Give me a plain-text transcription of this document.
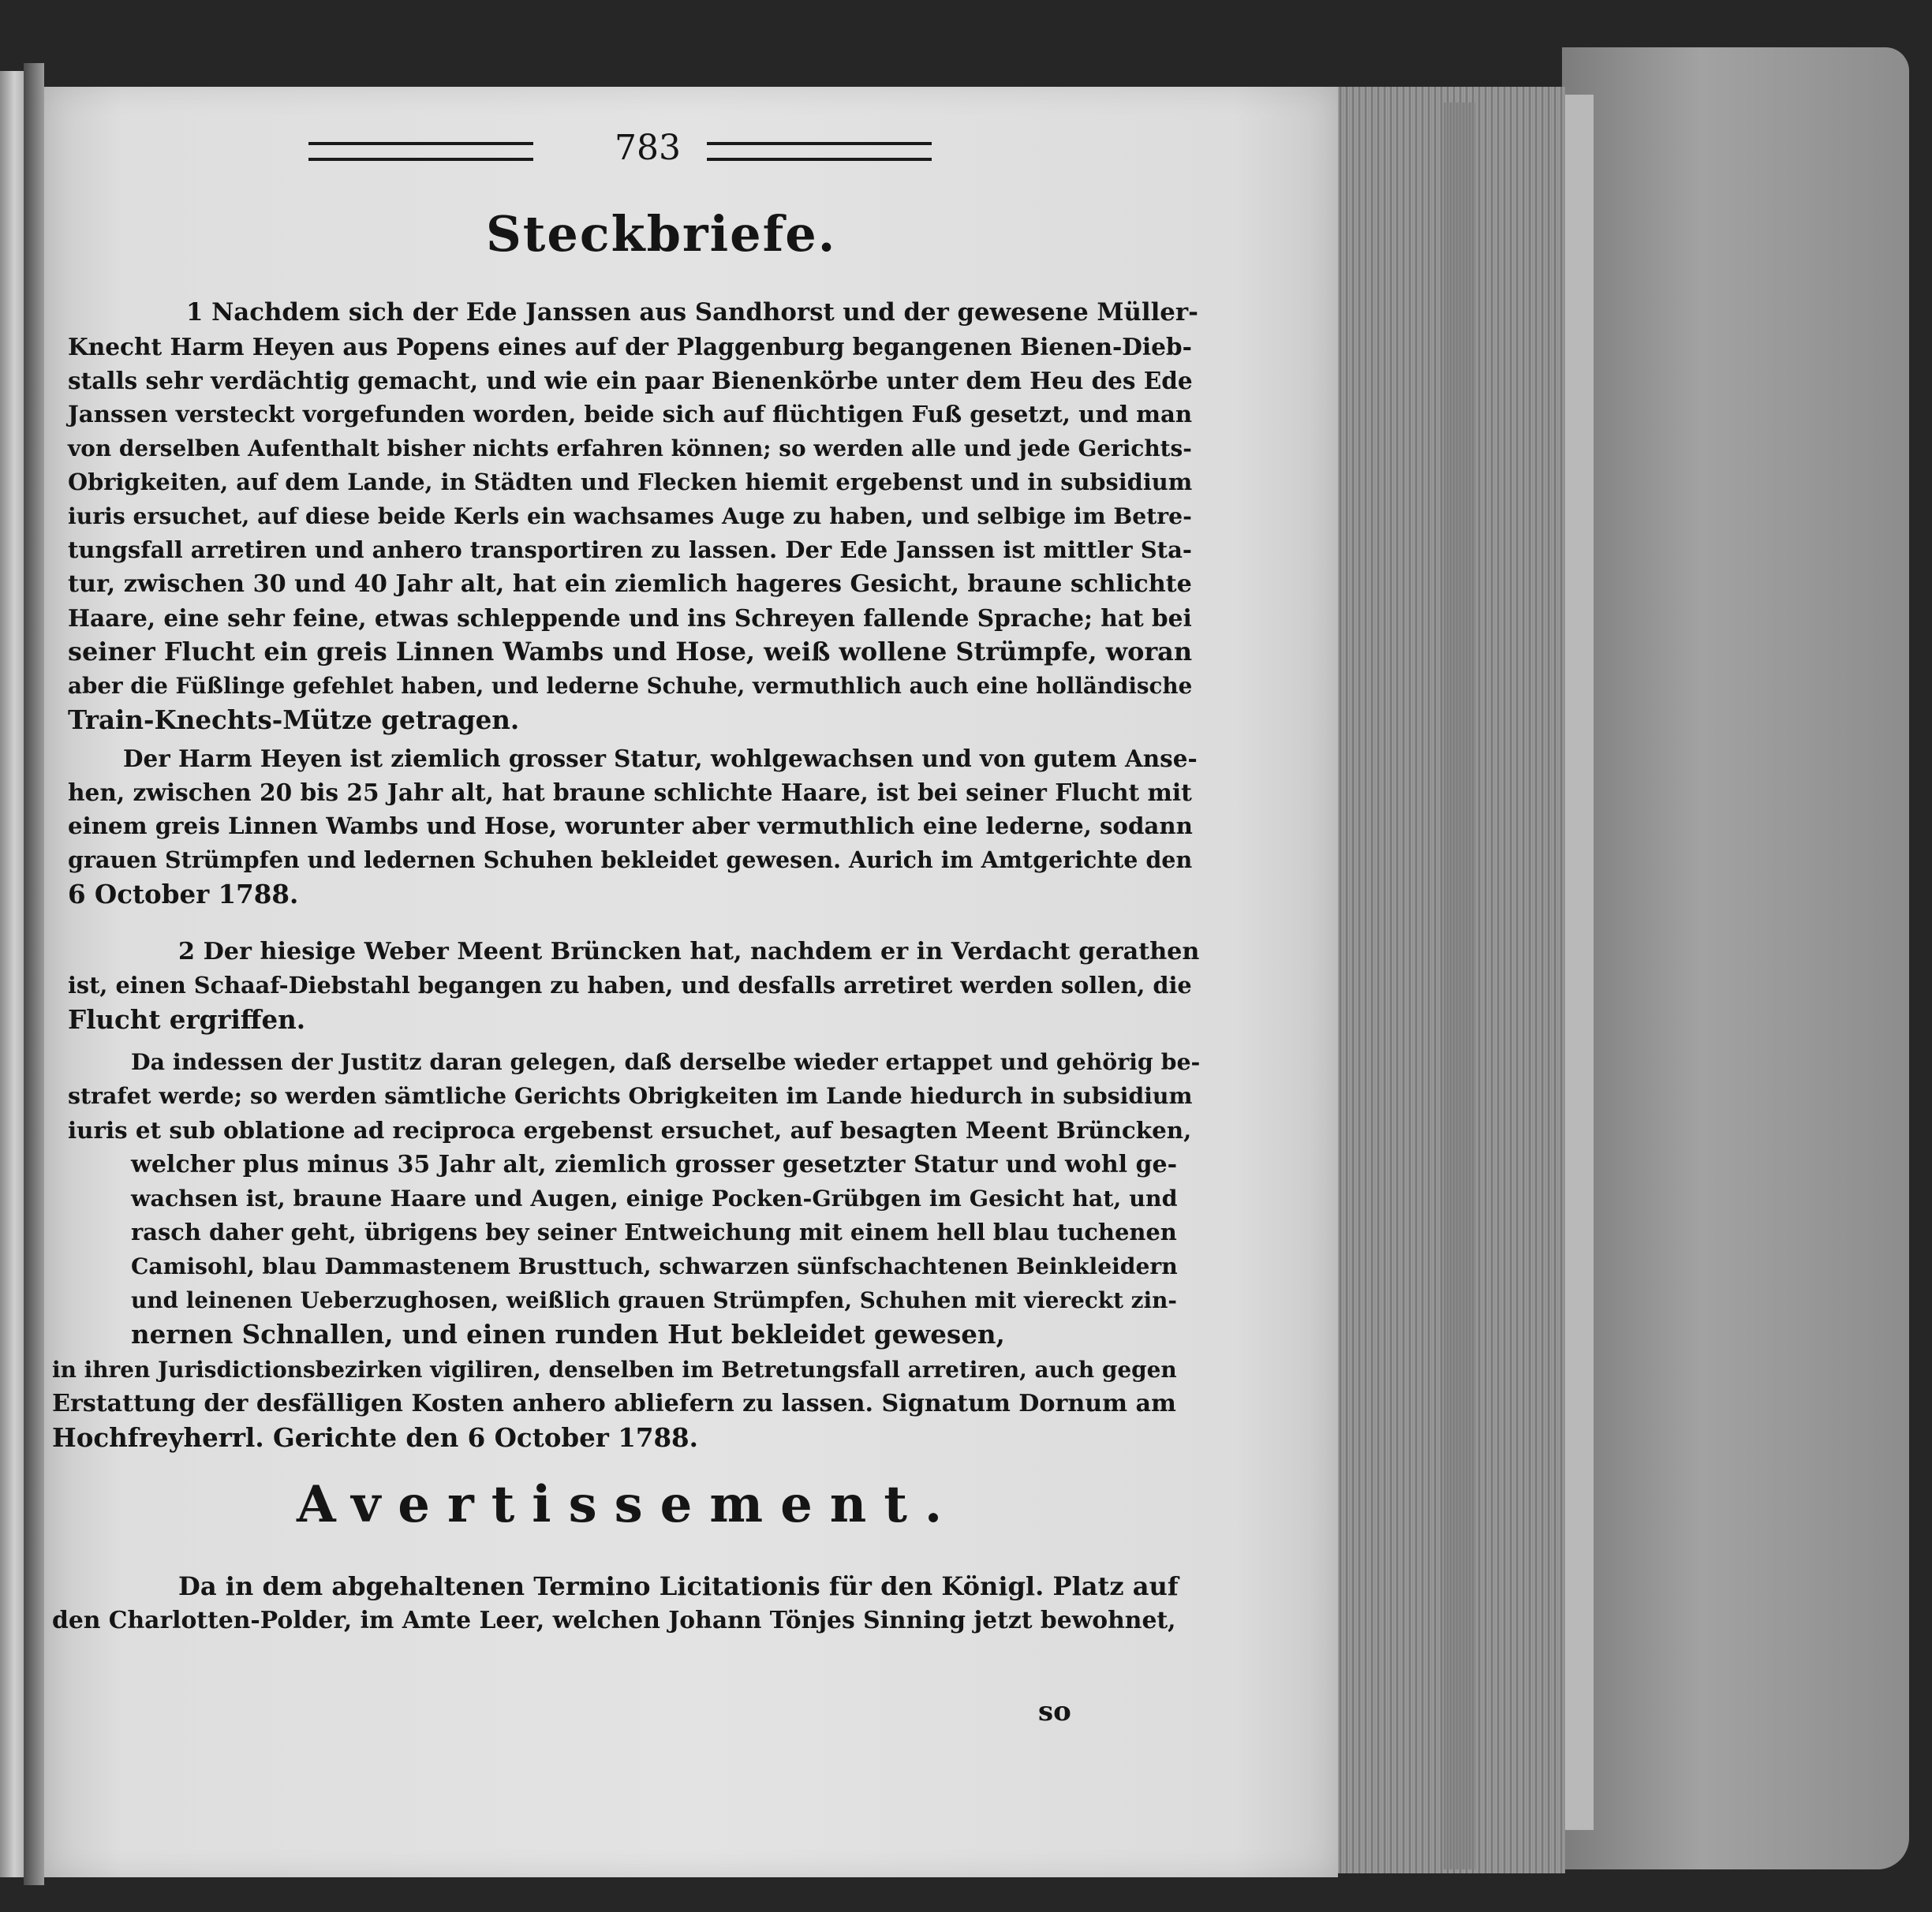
783
Steckbriefe.
1 Nachdem sich der Ede Janssen aus Sandhorst und der gewesene Müller-
Knecht Harm Heyen aus Popens eines auf der Plaggenburg begangenen Bienen-Dieb-
stalls sehr verdächtig gemacht, und wie ein paar Bienenkörbe unter dem Heu des Ede
Janssen versteckt vorgefunden worden, beide sich auf flüchtigen Fuß gesetzt, und man
von derselben Aufenthalt bisher nichts erfahren können; so werden alle und jede Gerichts-
Obrigkeiten, auf dem Lande, in Städten und Flecken hiemit ergebenst und in subsidium
iuris ersuchet, auf diese beide Kerls ein wachsames Auge zu haben, und selbige im Betre-
tungsfall arretiren und anhero transportiren zu lassen. Der Ede Janssen ist mittler Sta-
tur, zwischen 30 und 40 Jahr alt, hat ein ziemlich hageres Gesicht, braune schlichte
Haare, eine sehr feine, etwas schleppende und ins Schreyen fallende Sprache; hat bei
seiner Flucht ein greis Linnen Wambs und Hose, weiß wollene Strümpfe, woran
aber die Füßlinge gefehlet haben, und lederne Schuhe, vermuthlich auch eine holländische
Train-Knechts-Mütze getragen.
Der Harm Heyen ist ziemlich grosser Statur, wohlgewachsen und von gutem Anse-
hen, zwischen 20 bis 25 Jahr alt, hat braune schlichte Haare, ist bei seiner Flucht mit
einem greis Linnen Wambs und Hose, worunter aber vermuthlich eine lederne, sodann
grauen Strümpfen und ledernen Schuhen bekleidet gewesen. Aurich im Amtgerichte den
6 October 1788.
2 Der hiesige Weber Meent Brüncken hat, nachdem er in Verdacht gerathen
ist, einen Schaaf-Diebstahl begangen zu haben, und desfalls arretiret werden sollen, die
Flucht ergriffen.
Da indessen der Justitz daran gelegen, daß derselbe wieder ertappet und gehörig be-
strafet werde; so werden sämtliche Gerichts Obrigkeiten im Lande hiedurch in subsidium
iuris et sub oblatione ad reciproca ergebenst ersuchet, auf besagten Meent Brüncken,
welcher plus minus 35 Jahr alt, ziemlich grosser gesetzter Statur und wohl ge-
wachsen ist, braune Haare und Augen, einige Pocken-Grübgen im Gesicht hat, und
rasch daher geht, übrigens bey seiner Entweichung mit einem hell blau tuchenen
Camisohl, blau Dammastenem Brusttuch, schwarzen sünfschachtenen Beinkleidern
und leinenen Ueberzughosen, weißlich grauen Strümpfen, Schuhen mit viereckt zin-
nernen Schnallen, und einen runden Hut bekleidet gewesen,
in ihren Jurisdictionsbezirken vigiliren, denselben im Betretungsfall arretiren, auch gegen
Erstattung der desfälligen Kosten anhero abliefern zu lassen. Signatum Dornum am
Hochfreyherrl. Gerichte den 6 October 1788.
Avertissement.
Da in dem abgehaltenen Termino Licitationis für den Königl. Platz auf
den Charlotten-Polder, im Amte Leer, welchen Johann Tönjes Sinning jetzt bewohnet,
so
